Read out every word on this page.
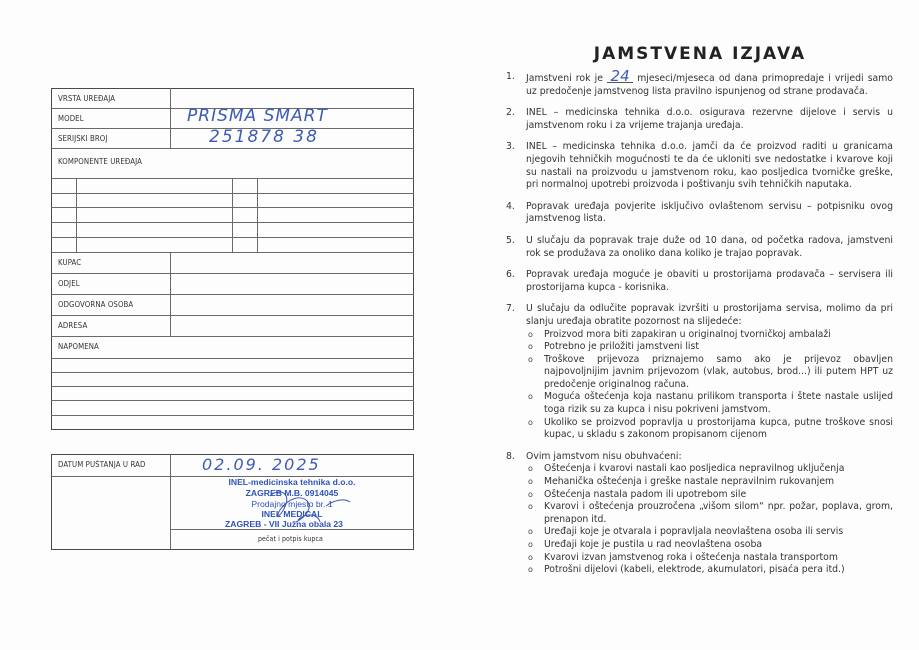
VRSTA UREĐAJA
MODEL
SERIJSKI BROJ
PRISMA SMART
251878 38
KOMPONENTE UREĐAJA
KUPAC
ODJEL
ODGOVORNA OSOBA
ADRESA
NAPOMENA
DATUM PUŠTANJA U RAD	02.09. 2025
INEL-medicinska tehnika d.o.o.
ZAGREB M.B. 0914045
Prodajno mjesto br. 1
INEL MEDICAL
ZAGREB - VII Južna obala 23
pečat i potpis kupca
JAMSTVENA IZJAVA
1. Jamstveni rok je 24 mjeseci/mjeseca od dana primopredaje i vrijedi samo uz predočenje jamstvenog lista pravilno ispunjenog od strane prodavača.
2. INEL – medicinska tehnika d.o.o. osigurava rezervne dijelove i servis u jamstvenom roku i za vrijeme trajanja uređaja.
3. INEL – medicinska tehnika d.o.o. jamči da će proizvod raditi u granicama njegovih tehničkih mogućnosti te da će ukloniti sve nedostatke i kvarove koji su nastali na proizvodu u jamstvenom roku, kao posljedica tvorničke greške, pri normalnoj upotrebi proizvoda i poštivanju svih tehničkih naputaka.
4. Popravak uređaja povjerite isključivo ovlaštenom servisu – potpisniku ovog jamstvenog lista.
5. U slučaju da popravak traje duže od 10 dana, od početka radova, jamstveni rok se produžava za onoliko dana koliko je trajao popravak.
6. Popravak uređaja moguće je obaviti u prostorijama prodavača – servisera ili prostorijama kupca - korisnika.
7. U slučaju da odlučite popravak izvršiti u prostorijama servisa, molimo da pri slanju uređaja obratite pozornost na slijedeće:
o Proizvod mora biti zapakiran u originalnoj tvorničkoj ambalaži
o Potrebno je priložiti jamstveni list
o Troškove prijevoza priznajemo samo ako je prijevoz obavljen najpovoljnijim javnim prijevozom (vlak, autobus, brod...) ili putem HPT uz predočenje originalnog računa.
o Moguća oštećenja koja nastanu prilikom transporta i štete nastale uslijed toga rizik su za kupca i nisu pokriveni jamstvom.
o Ukoliko se proizvod popravlja u prostorijama kupca, putne troškove snosi kupac, u skladu s zakonom propisanom cijenom
8. Ovim jamstvom nisu obuhvaćeni:
o Oštećenja i kvarovi nastali kao posljedica nepravilnog uključenja
o Mehanička oštećenja i greške nastale nepravilnim rukovanjem
o Oštećenja nastala padom ili upotrebom sile
o Kvarovi i oštećenja prouzročena „višom silom“ npr. požar, poplava, grom, prenapon itd.
o Uređaji koje je otvarala i popravljala neovlaštena osoba ili servis
o Uređaji koje je pustila u rad neovlaštena osoba
o Kvarovi izvan jamstvenog roka i oštećenja nastala transportom
o Potrošni dijelovi (kabeli, elektrode, akumulatori, pisaća pera itd.)
